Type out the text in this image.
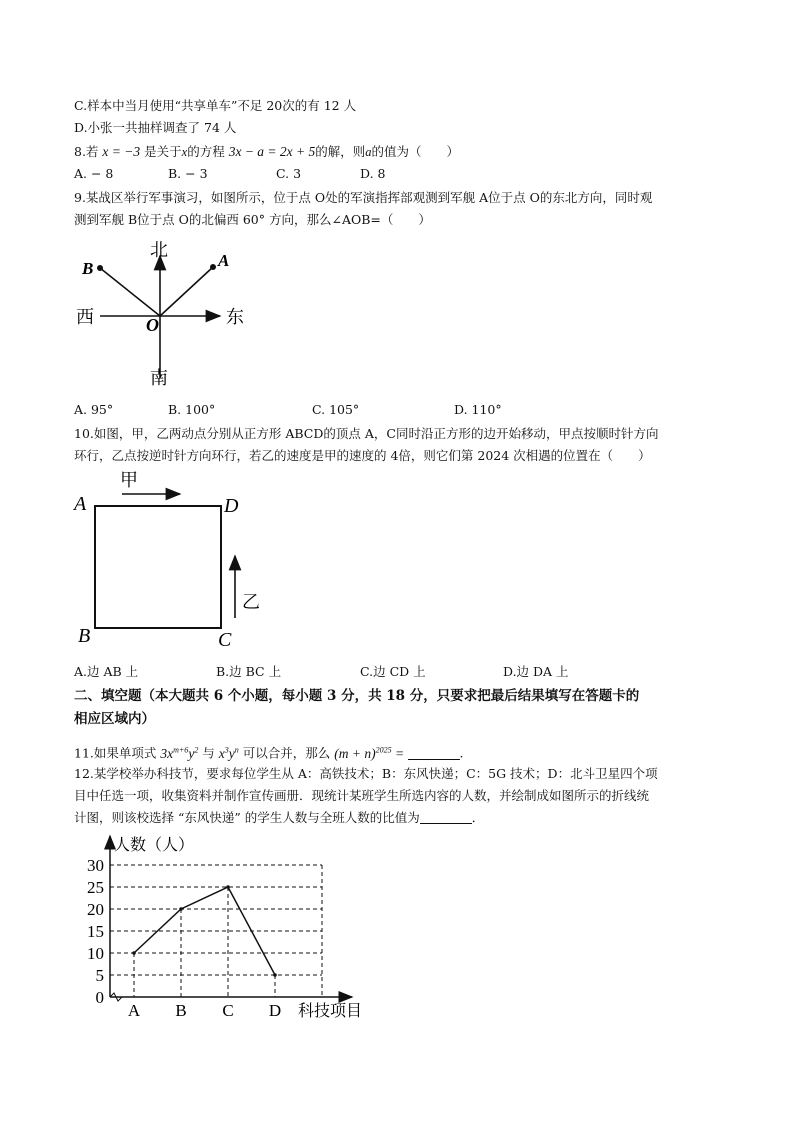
C.样本中当月使用“共享单车”不足 20次的有 12 人
D.小张一共抽样调查了 74 人
8.若 x = −3 是关于x的方程 3x − a = 2x + 5的解，则a的值为（　　）
A. − 8	B. − 3	C. 3	D. 8
9.某战区举行军事演习，如图所示，位于点 O处的军演指挥部观测到军舰 A位于点 O的东北方向，同时观
测到军舰 B位于点 O的北偏西 60° 方向，那么∠AOB=（　　）
北
南
东
西	O
A
B
A. 95°	B. 100°	C. 105°	D. 110°
10.如图，甲，乙两动点分别从正方形 ABCD的顶点 A，C同时沿正方形的边开始移动，甲点按顺时针方向
环行，乙点按逆时针方向环行，若乙的速度是甲的速度的 4倍，则它们第 2024 次相遇的位置在（　　）
A	D
B	C
甲
乙
A.边 AB 上	B.边 BC 上	C.边 CD 上	D.边 DA 上
二、填空题（本大题共 6 个小题，每小题 3 分，共 18 分，只要求把最后结果填写在答题卡的
相应区域内）
11.如果单项式 $3x^{m+6}y^2$ 与 $x^3y^n$ 可以合并，那么 $(m + n)^{2025}$ =	.
12.某学校举办科技节，要求每位学生从 A：高铁技术；B：东风快递；C：5G 技术；D：北斗卫星四个项
目中任选一项，收集资料并制作宣传画册．现统计某班学生所选内容的人数，并绘制成如图所示的折线统
计图，则该校选择 “东风快递” 的学生人数与全班人数的比值为	．
0
5
10
15
20
25
30
A B C D
人数（人）
科技项目
